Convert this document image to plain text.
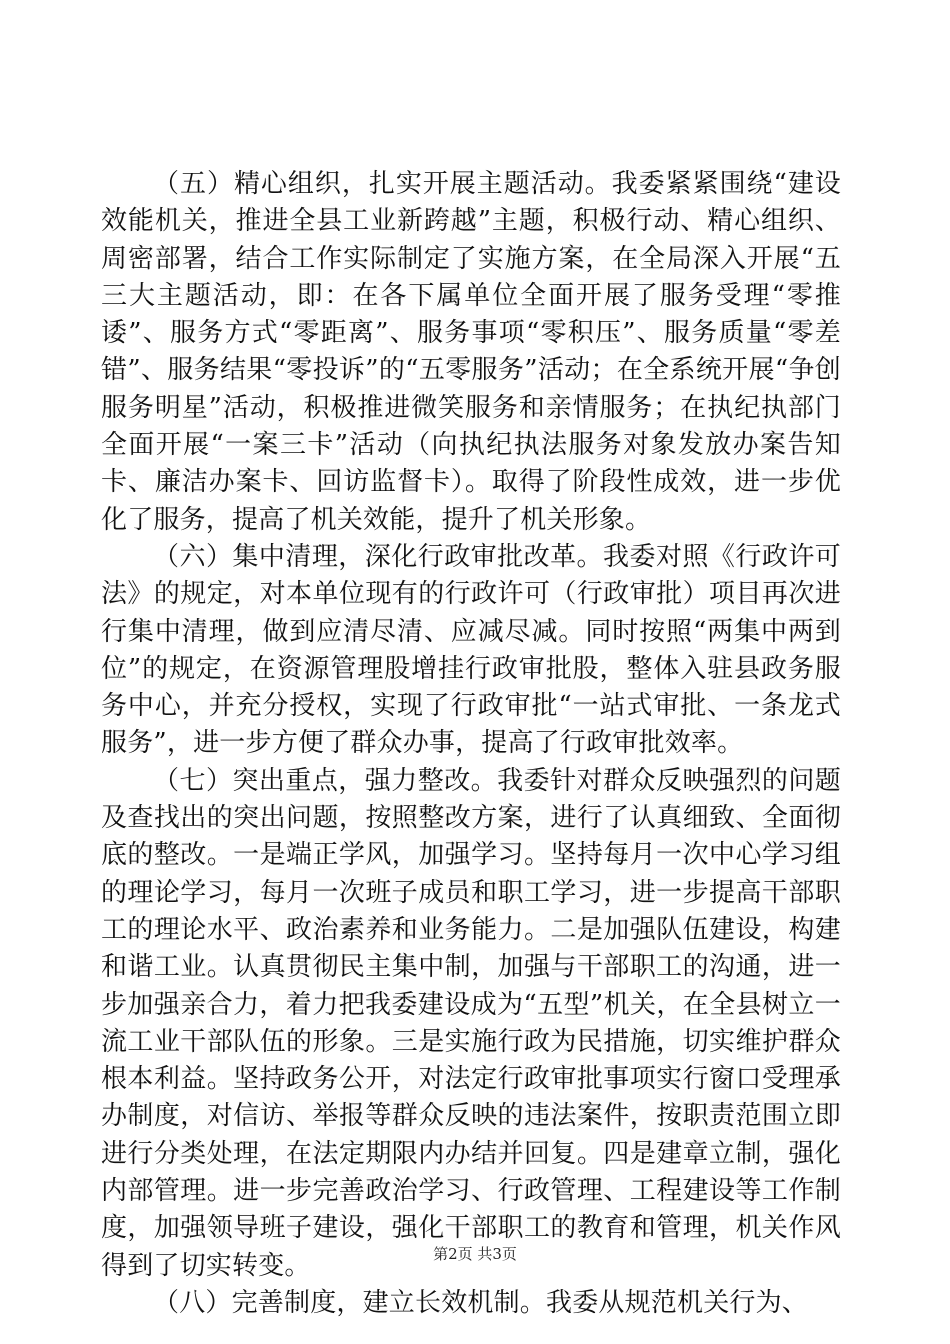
（五）精心组织，扎实开展主题活动。我委紧紧围绕“建设效能机关，推进全县工业新跨越”主题，积极行动、精心组织、周密部署，结合工作实际制定了实施方案，在全局深入开展“五三大主题活动，即：在各下属单位全面开展了服务受理“零推诿”、服务方式“零距离”、服务事项“零积压”、服务质量“零差错”、服务结果“零投诉”的“五零服务”活动；在全系统开展“争创服务明星”活动，积极推进微笑服务和亲情服务；在执纪执部门全面开展“一案三卡”活动（向执纪执法服务对象发放办案告知卡、廉洁办案卡、回访监督卡）。取得了阶段性成效，进一步优化了服务，提高了机关效能，提升了机关形象。

（六）集中清理，深化行政审批改革。我委对照《行政许可法》的规定，对本单位现有的行政许可（行政审批）项目再次进行集中清理，做到应清尽清、应减尽减。同时按照“两集中两到位”的规定，在资源管理股增挂行政审批股，整体入驻县政务服务中心，并充分授权，实现了行政审批“一站式审批、一条龙式服务”，进一步方便了群众办事，提高了行政审批效率。

（七）突出重点，强力整改。我委针对群众反映强烈的问题及查找出的突出问题，按照整改方案，进行了认真细致、全面彻底的整改。一是端正学风，加强学习。坚持每月一次中心学习组的理论学习，每月一次班子成员和职工学习，进一步提高干部职工的理论水平、政治素养和业务能力。二是加强队伍建设，构建和谐工业。认真贯彻民主集中制，加强与干部职工的沟通，进一步加强亲合力，着力把我委建设成为“五型”机关，在全县树立一流工业干部队伍的形象。三是实施行政为民措施，切实维护群众根本利益。坚持政务公开，对法定行政审批事项实行窗口受理承办制度，对信访、举报等群众反映的违法案件，按职责范围立即进行分类处理，在法定期限内办结并回复。四是建章立制，强化内部管理。进一步完善政治学习、行政管理、工程建设等工作制度，加强领导班子建设，强化干部职工的教育和管理，机关作风得到了切实转变。

（八）完善制度，建立长效机制。我委从规范机关行为、

第2页 共3页
